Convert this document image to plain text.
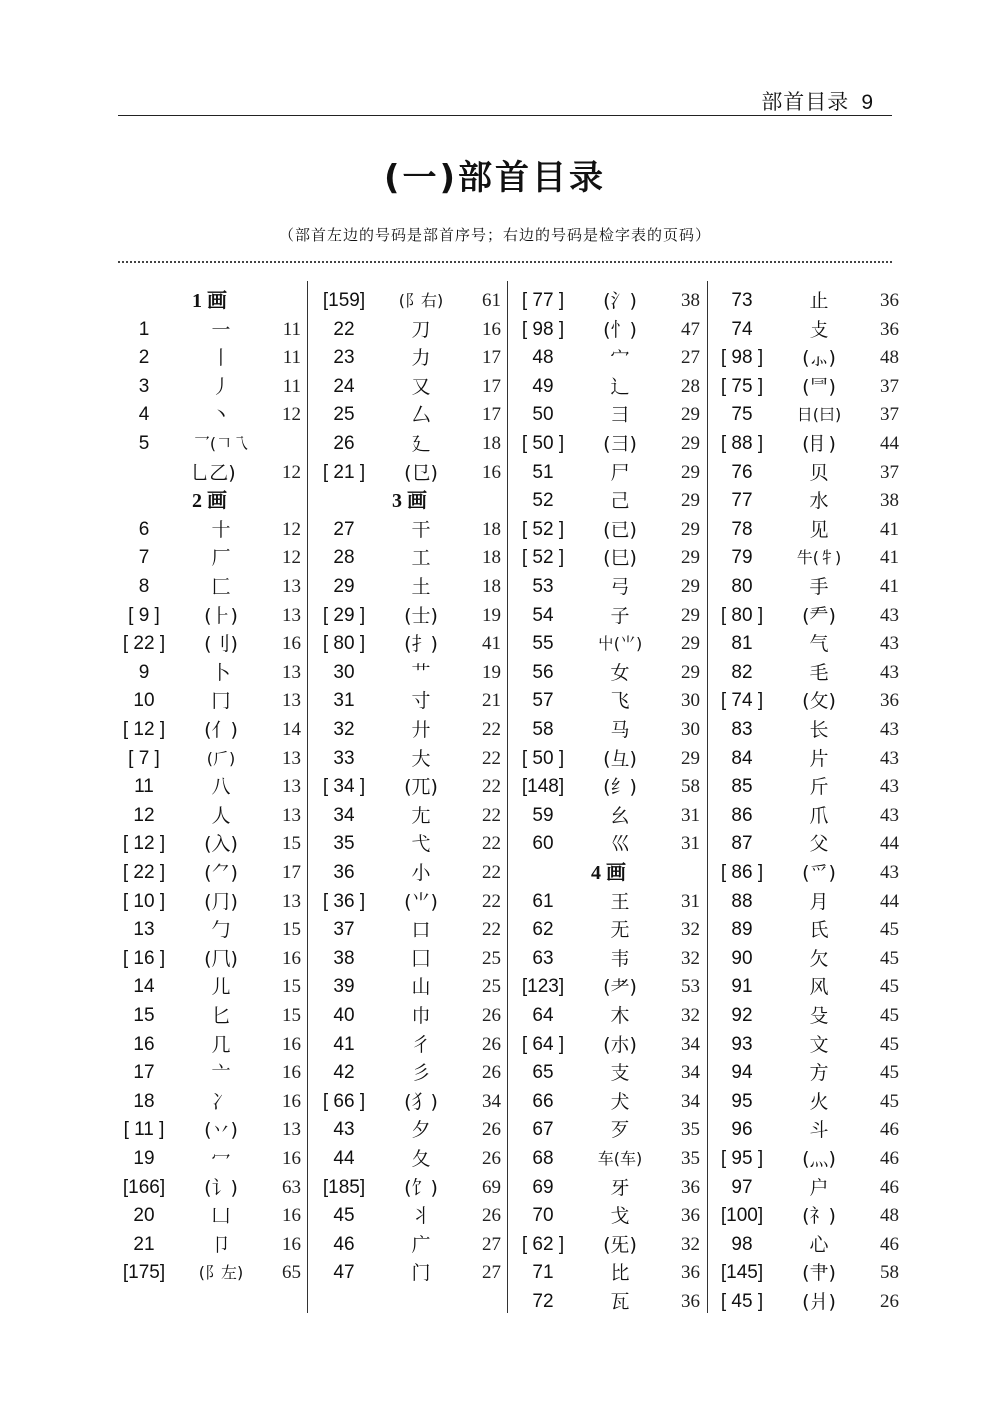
部首目录 9
(一)部首目录
（部首左边的号码是部首序号；右边的号码是检字表的页码）
1 画
1	一	11
2	丨	11
3	丿	11
4	丶	12
5	乛(𠃍乁
乚乙)	12
2 画
6	十	12
7	厂	12
8	匚	13
[ 9 ]	(⺊)	13
[ 22 ]	(刂)	16
9	卜	13
10	冂	13
[ 12 ]	(亻)	14
[ 7 ]	(𠂆)	13
11	八	13
12	人	13
[ 12 ]	(入)	15
[ 22 ]	(⺈)	17
[ 10 ]	(⺆)	13
13	勹	15
[ 16 ]	(⺇)	16
14	儿	15
15	匕	15
16	几	16
17	亠	16
18	冫	16
[ 11 ]	(丷)	13
19	冖	16
[166]	(讠)	63
20	凵	16
21	卩	16
[175]	(阝左)	65
[159]	(阝右)	61
22	刀	16
23	力	17
24	又	17
25	厶	17
26	廴	18
[ 21 ]	(㔾)	16
3 画
27	干	18
28	工	18
29	土	18
[ 29 ]	(士)	19
[ 80 ]	(扌)	41
30	艹	19
31	寸	21
32	廾	22
33	大	22
[ 34 ]	(兀)	22
34	尢	22
35	弋	22
36	小	22
[ 36 ]	(⺌)	22
37	口	22
38	囗	25
39	山	25
40	巾	26
41	彳	26
42	彡	26
[ 66 ]	(犭)	34
43	夕	26
44	夂	26
[185]	(饣)	69
45	丬	26
46	广	27
47	门	27
[ 77 ]	(氵)	38
[ 98 ]	(忄)	47
48	宀	27
49	辶	28
50	彐	29
[ 50 ]	(⺕)	29
51	尸	29
52	己	29
[ 52 ]	(已)	29
[ 52 ]	(巳)	29
53	弓	29
54	子	29
55	屮(⺌)	29
56	女	29
57	飞	30
58	马	30
[ 50 ]	(彑)	29
[148]	(纟)	58
59	幺	31
60	巛	31
4 画
61	王	31
62	无	32
63	韦	32
[123]	(⺹)	53
64	木	32
[ 64 ]	(朩)	34
65	支	34
66	犬	34
67	歹	35
68	车(车)	35
69	牙	36
70	戈	36
[ 62 ]	(旡)	32
71	比	36
72	瓦	36
73	止	36
74	攴	36
[ 98 ]	(⺗)	48
[ 75 ]	(⺜)	37
75	日(曰)	37
[ 88 ]	(⺝)	44
76	贝	37
77	水	38
78	见	41
79	牛(牜)	41
80	手	41
[ 80 ]	(龵)	43
81	气	43
82	毛	43
[ 74 ]	(攵)	36
83	长	43
84	片	43
85	斤	43
86	爪	43
87	父	44
[ 86 ]	(爫)	43
88	月	44
89	氏	45
90	欠	45
91	风	45
92	殳	45
93	文	45
94	方	45
95	火	45
96	斗	46
[ 95 ]	(灬)	46
97	户	46
[100]	(礻)	48
98	心	46
[145]	(肀)	58
[ 45 ]	(爿)	26
